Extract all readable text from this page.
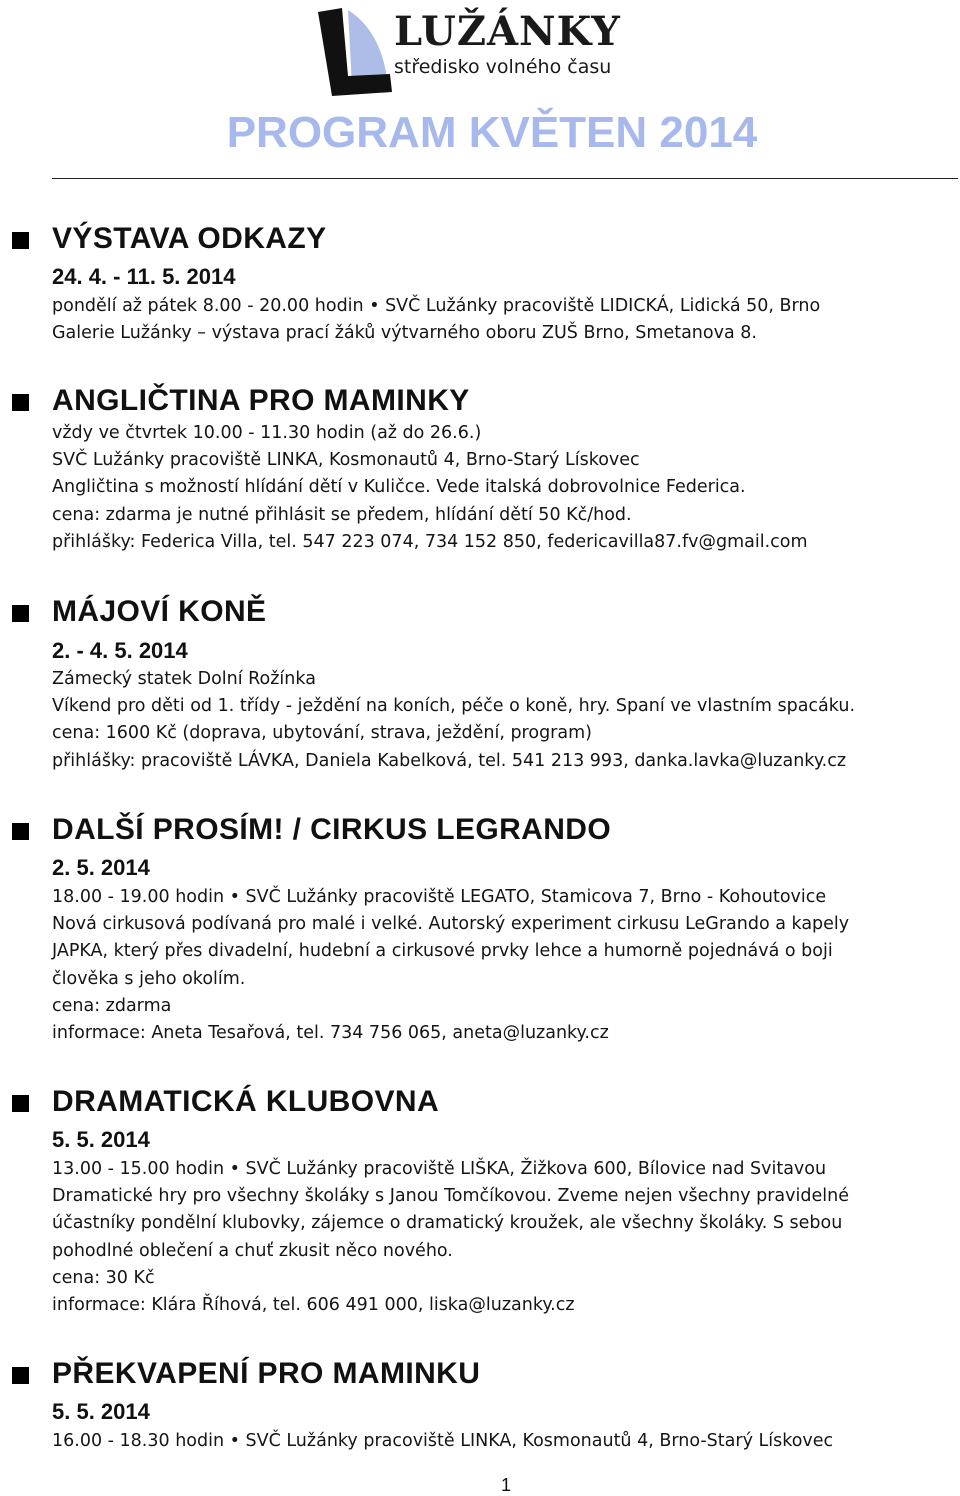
LUŽÁNKY
středisko volného času
PROGRAM KVĚTEN 2014
VÝSTAVA ODKAZY
24. 4. - 11. 5. 2014
pondělí až pátek 8.00 - 20.00 hodin • SVČ Lužánky pracoviště LIDICKÁ, Lidická 50, Brno
Galerie Lužánky – výstava prací žáků výtvarného oboru ZUŠ Brno, Smetanova 8.
ANGLIČTINA PRO MAMINKY
vždy ve čtvrtek 10.00 - 11.30 hodin (až do 26.6.)
SVČ Lužánky pracoviště LINKA, Kosmonautů 4, Brno-Starý Lískovec
Angličtina s možností hlídání dětí v Kuličce. Vede italská dobrovolnice Federica.
cena: zdarma je nutné přihlásit se předem, hlídání dětí 50 Kč/hod.
přihlášky: Federica Villa, tel. 547 223 074, 734 152 850, federicavilla87.fv@gmail.com
MÁJOVÍ KONĚ
2. - 4. 5. 2014
Zámecký statek Dolní Rožínka
Víkend pro děti od 1. třídy - ježdění na koních, péče o koně, hry. Spaní ve vlastním spacáku.
cena: 1600 Kč (doprava, ubytování, strava, ježdění, program)
přihlášky: pracoviště LÁVKA, Daniela Kabelková, tel. 541 213 993, danka.lavka@luzanky.cz
DALŠÍ PROSÍM! / CIRKUS LEGRANDO
2. 5. 2014
18.00 - 19.00 hodin • SVČ Lužánky pracoviště LEGATO, Stamicova 7, Brno - Kohoutovice
Nová cirkusová podívaná pro malé i velké. Autorský experiment cirkusu LeGrando a kapely
JAPKA, který přes divadelní, hudební a cirkusové prvky lehce a humorně pojednává o boji
člověka s jeho okolím.
cena: zdarma
informace: Aneta Tesařová, tel. 734 756 065, aneta@luzanky.cz
DRAMATICKÁ KLUBOVNA
5. 5. 2014
13.00 - 15.00 hodin • SVČ Lužánky pracoviště LIŠKA, Žižkova 600, Bílovice nad Svitavou
Dramatické hry pro všechny školáky s Janou Tomčíkovou. Zveme nejen všechny pravidelné
účastníky pondělní klubovky, zájemce o dramatický kroužek, ale všechny školáky. S sebou
pohodlné oblečení a chuť zkusit něco nového.
cena: 30 Kč
informace: Klára Říhová, tel. 606 491 000, liska@luzanky.cz
PŘEKVAPENÍ PRO MAMINKU
5. 5. 2014
16.00 - 18.30 hodin • SVČ Lužánky pracoviště LINKA, Kosmonautů 4, Brno-Starý Lískovec
1
